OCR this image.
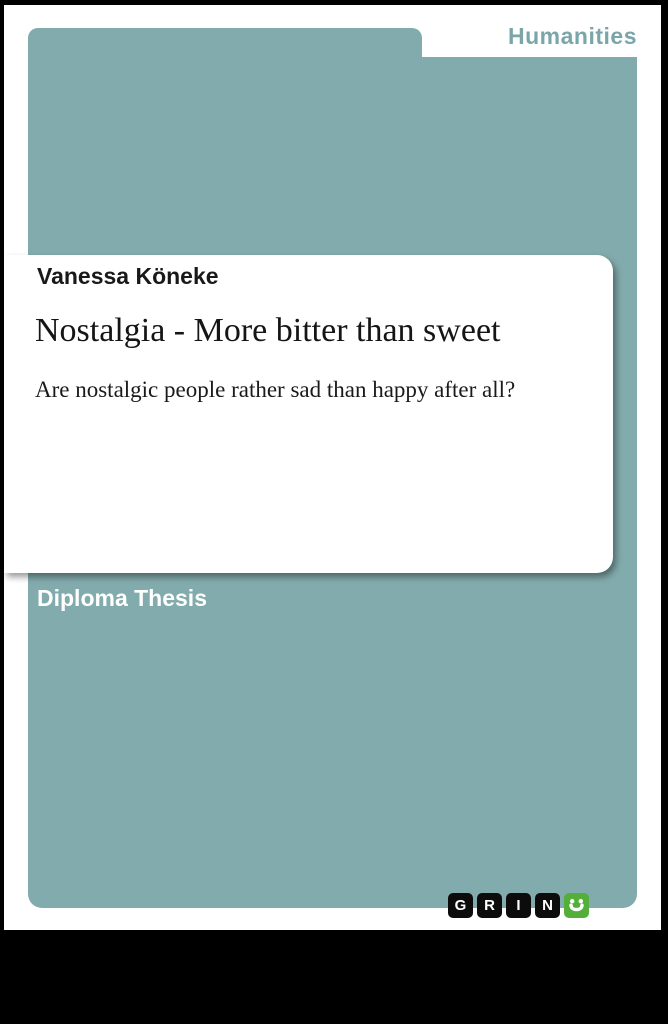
Humanities
Vanessa Köneke
Nostalgia - More bitter than sweet
Are nostalgic people rather sad than happy after all?
Diploma Thesis
G	R	I	N
